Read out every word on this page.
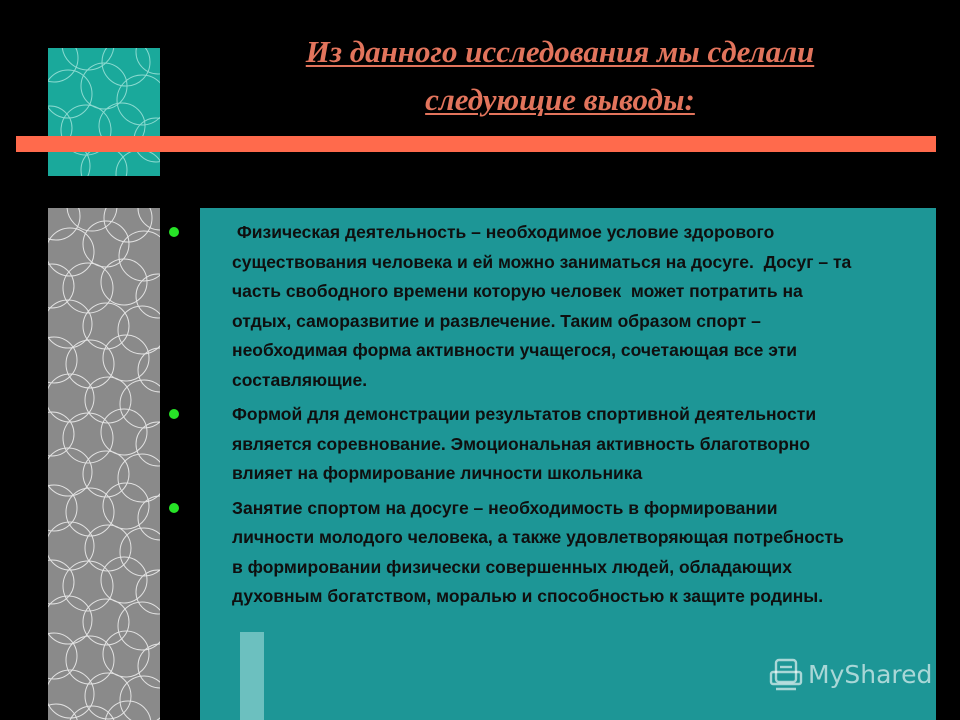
Из данного исследования мы сделали
следующие выводы:
Физическая деятельность – необходимое условие здорового
существования человека и ей можно заниматься на досуге.  Досуг – та
часть свободного времени которую человек  может потратить на
отдых, саморазвитие и развлечение. Таким образом спорт –
необходимая форма активности учащегося, сочетающая все эти
составляющие.
Формой для демонстрации результатов спортивной деятельности
является соревнование. Эмоциональная активность благотворно
влияет на формирование личности школьника
Занятие спортом на досуге – необходимость в формировании
личности молодого человека, а также удовлетворяющая потребность
в формировании физически совершенных людей, обладающих
духовным богатством, моралью и способностью к защите родины.
MyShared
